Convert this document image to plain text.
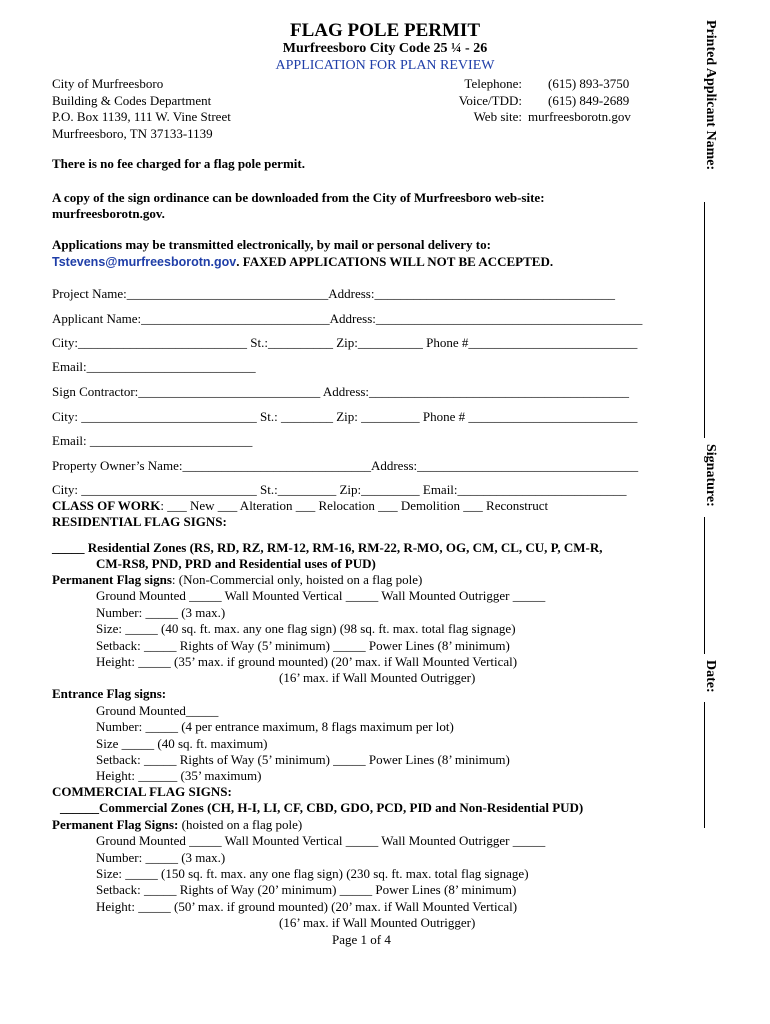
FLAG POLE PERMIT
Murfreesboro City Code 25 ¼ - 26
APPLICATION FOR PLAN REVIEW
City of Murfreesboro
Building & Codes Department
P.O. Box 1139, 111 W. Vine Street
Murfreesboro, TN 37133-1139
Telephone:
Voice/TDD:
Web site:
(615) 893-3750
(615) 849-2689
murfreesborotn.gov
There is no fee charged for a flag pole permit.
A copy of the sign ordinance can be downloaded from the City of Murfreesboro web-site:
murfreesborotn.gov.
Applications may be transmitted electronically, by mail or personal delivery to:
Tstevens@murfreesborotn.gov. FAXED APPLICATIONS WILL NOT BE ACCEPTED.
Project Name:_______________________________Address:_____________________________________
Applicant Name:_____________________________Address:_________________________________________
City:__________________________ St.:__________ Zip:__________ Phone #__________________________
Email:__________________________
Sign Contractor:____________________________ Address:________________________________________
City: ___________________________ St.: ________ Zip: _________ Phone # __________________________
Email: _________________________
Property Owner’s Name:_____________________________Address:__________________________________
City: ___________________________ St.:_________ Zip:_________ Email:__________________________
CLASS OF WORK: ___ New ___ Alteration ___ Relocation ___ Demolition ___ Reconstruct
RESIDENTIAL FLAG SIGNS:
_____ Residential Zones (RS, RD, RZ, RM-12, RM-16, RM-22, R-MO, OG, CM, CL, CU, P, CM-R,
CM-RS8, PND, PRD and Residential uses of PUD)
Permanent Flag signs: (Non-Commercial only, hoisted on a flag pole)
Ground Mounted _____ Wall Mounted Vertical _____ Wall Mounted Outrigger _____
Number: _____ (3 max.)
Size: _____ (40 sq. ft. max. any one flag sign) (98 sq. ft. max. total flag signage)
Setback: _____ Rights of Way (5’ minimum) _____ Power Lines (8’ minimum)
Height: _____ (35’ max. if ground mounted) (20’ max. if Wall Mounted Vertical)
(16’ max. if Wall Mounted Outrigger)
Entrance Flag signs:
Ground Mounted_____
Number: _____ (4 per entrance maximum, 8 flags maximum per lot)
Size _____ (40 sq. ft. maximum)
Setback: _____ Rights of Way (5’ minimum) _____ Power Lines (8’ minimum)
Height: ______ (35’ maximum)
COMMERCIAL FLAG SIGNS:
______Commercial Zones (CH, H-I, LI, CF, CBD, GDO, PCD, PID and Non-Residential PUD)
Permanent Flag Signs: (hoisted on a flag pole)
Ground Mounted _____ Wall Mounted Vertical _____ Wall Mounted Outrigger _____
Number: _____ (3 max.)
Size: _____ (150 sq. ft. max. any one flag sign) (230 sq. ft. max. total flag signage)
Setback: _____ Rights of Way (20’ minimum) _____ Power Lines (8’ minimum)
Height: _____ (50’ max. if ground mounted) (20’ max. if Wall Mounted Vertical)
(16’ max. if Wall Mounted Outrigger)
Page 1 of 4
Printed Applicant Name:
Signature:
Date:
